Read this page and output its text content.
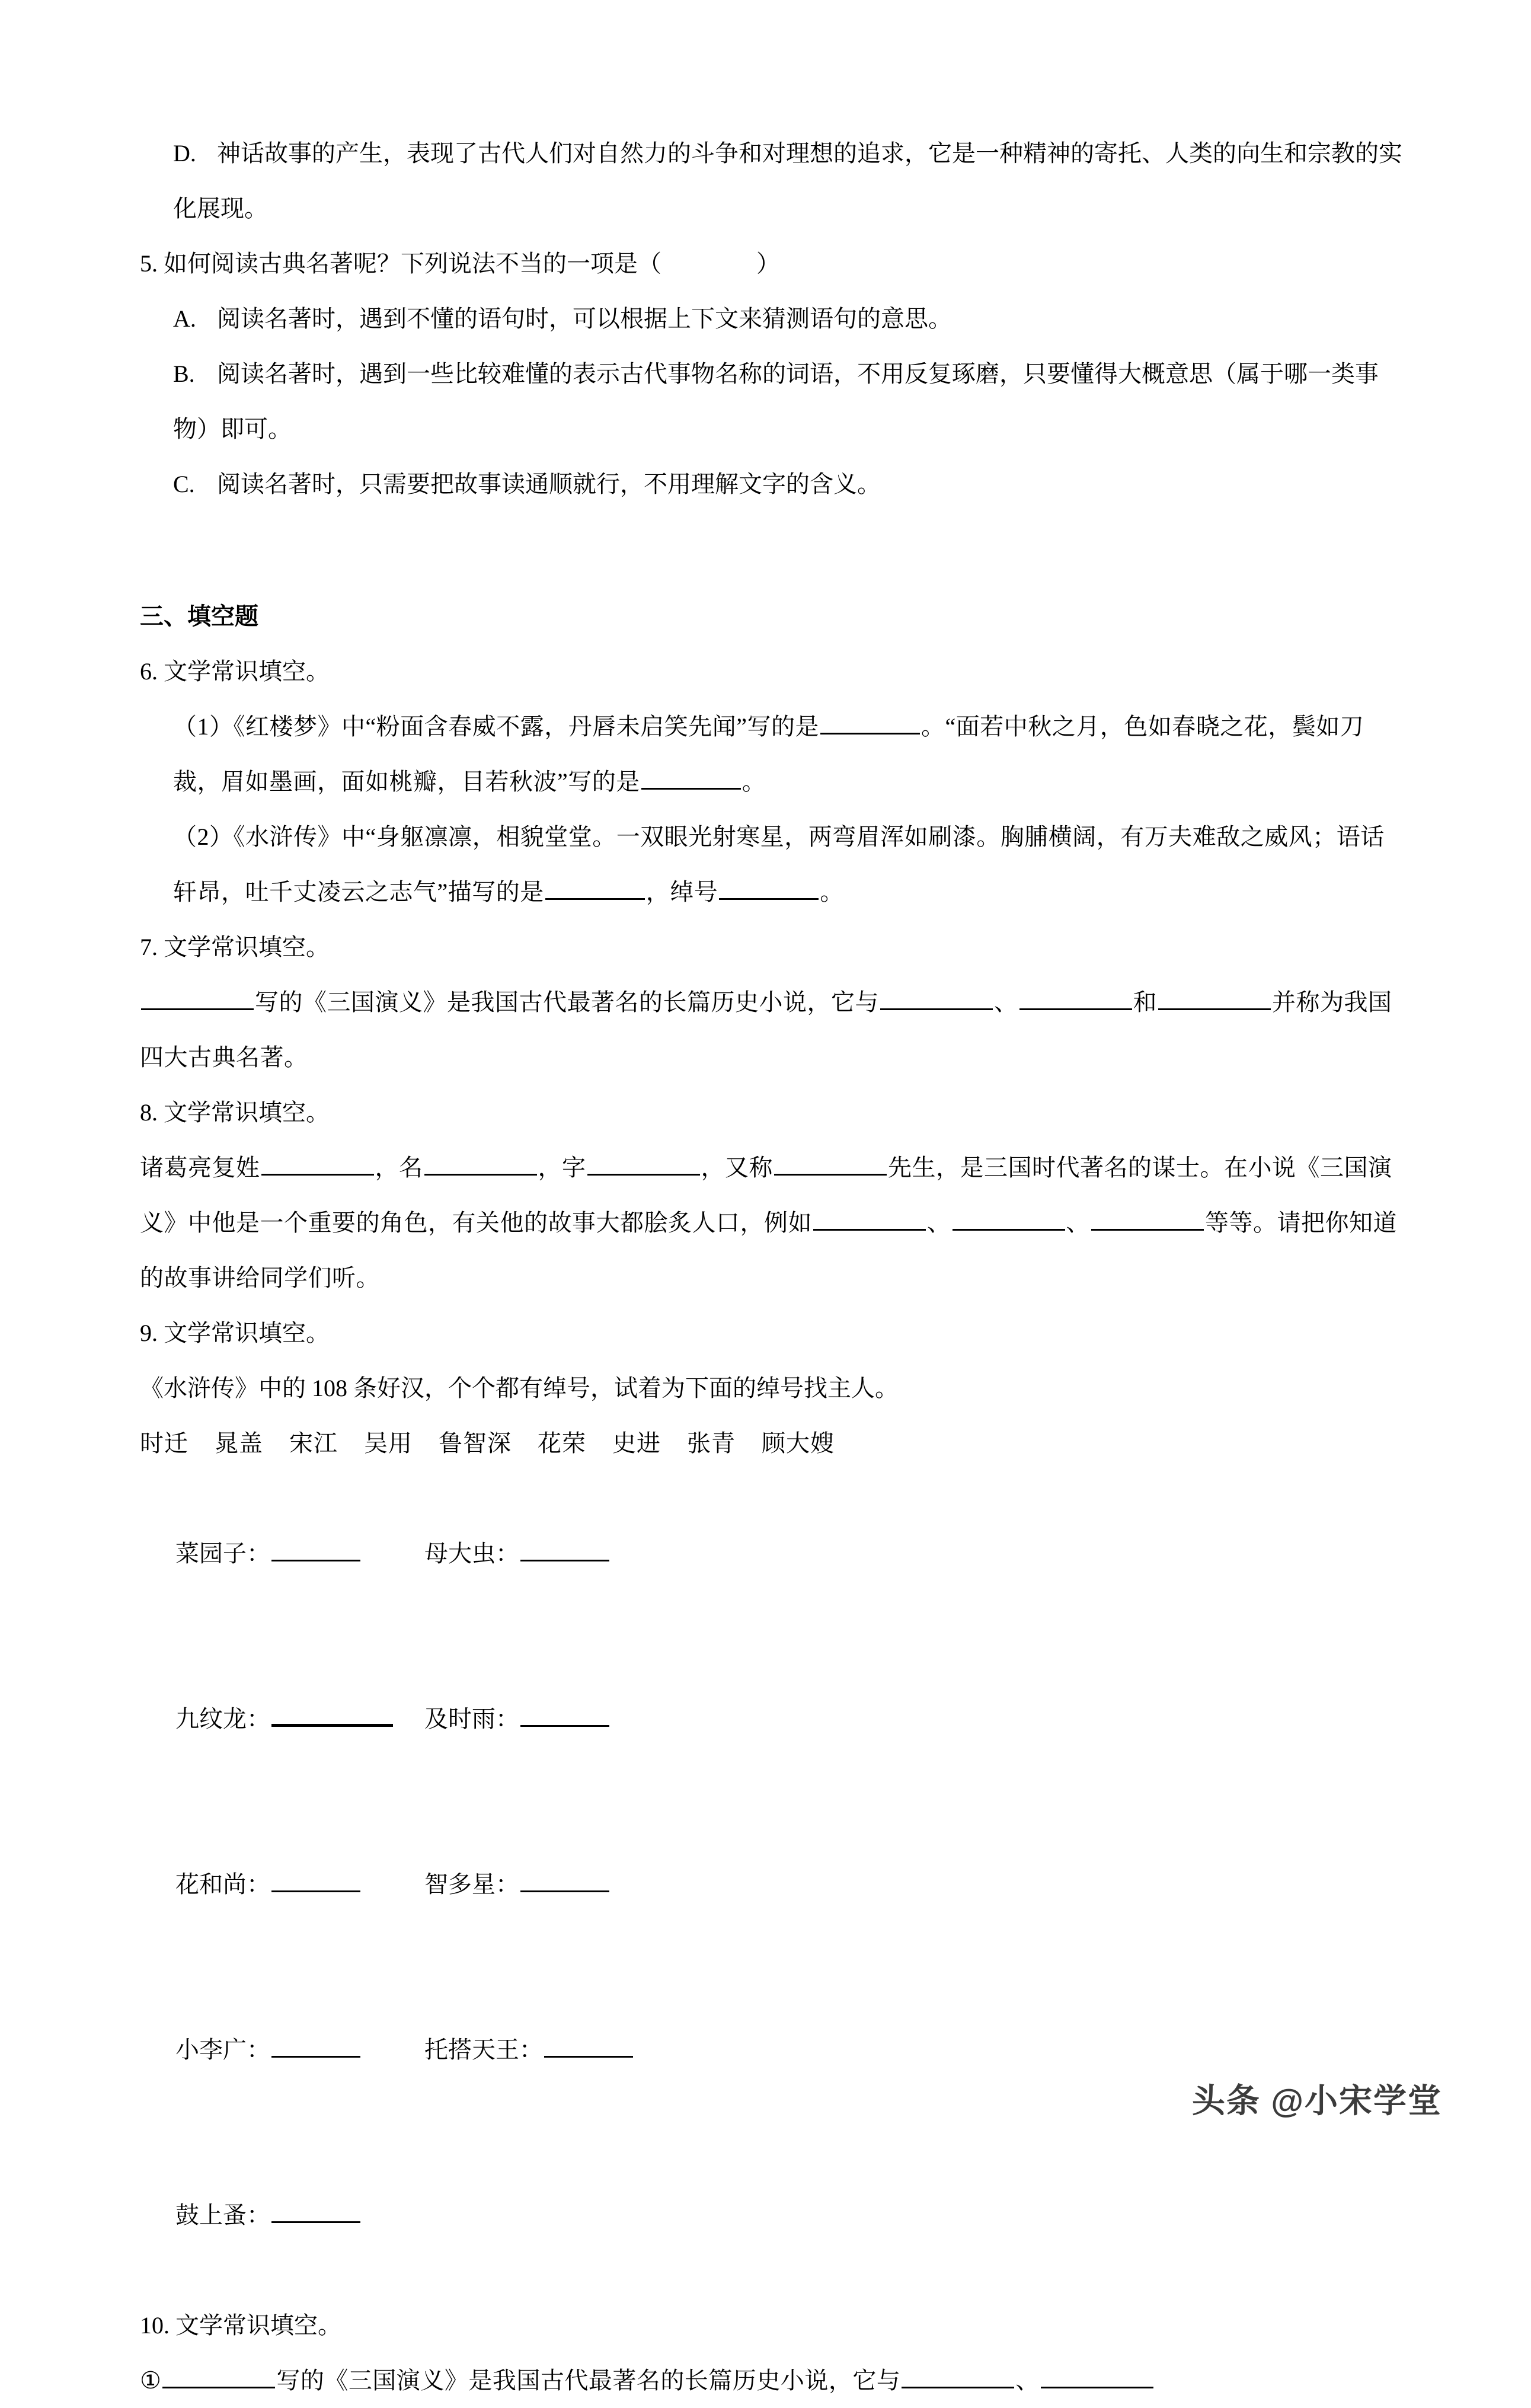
D. 神话故事的产生，表现了古代人们对自然力的斗争和对理想的追求，它是一种精神的寄托、人类的向生和宗教的实化展现。
5. 如何阅读古典名著呢？下列说法不当的一项是（　　　　）
A. 阅读名著时，遇到不懂的语句时，可以根据上下文来猜测语句的意思。
B. 阅读名著时，遇到一些比较难懂的表示古代事物名称的词语，不用反复琢磨，只要懂得大概意思（属于哪一类事物）即可。
C. 阅读名著时，只需要把故事读通顺就行，不用理解文字的含义。
三、填空题
6. 文学常识填空。
（1）《红楼梦》中“粉面含春威不露，丹唇未启笑先闻”写的是	。“面若中秋之月，色如春晓之花，鬓如刀裁，眉如墨画，面如桃瓣，目若秋波”写的是	。
（2）《水浒传》中“身躯凛凛，相貌堂堂。一双眼光射寒星，两弯眉浑如刷漆。胸脯横阔，有万夫难敌之威风；语话轩昂，吐千丈凌云之志气”描写的是	，绰号	。
7. 文学常识填空。
写的《三国演义》是我国古代最著名的长篇历史小说，它与	、	和	并称为我国四大古典名著。
8. 文学常识填空。
诸葛亮复姓	，名	，字	，又称	先生，是三国时代著名的谋士。在小说《三国演义》中他是一个重要的角色，有关他的故事大都脍炙人口，例如	、	、	等等。请把你知道的故事讲给同学们听。
9. 文学常识填空。
《水浒传》中的 108 条好汉，个个都有绰号，试着为下面的绰号找主人。
时迁 晁盖 宋江 吴用 鲁智深 花荣 史进 张青 顾大嫂

菜园子：	母大虫：

九纹龙：	及时雨：

花和尚：	智多星：

小李广：	托搭天王：

鼓上蚤：

10. 文学常识填空。
①	写的《三国演义》是我国古代最著名的长篇历史小说，它与	、
头条 @小宋学堂
